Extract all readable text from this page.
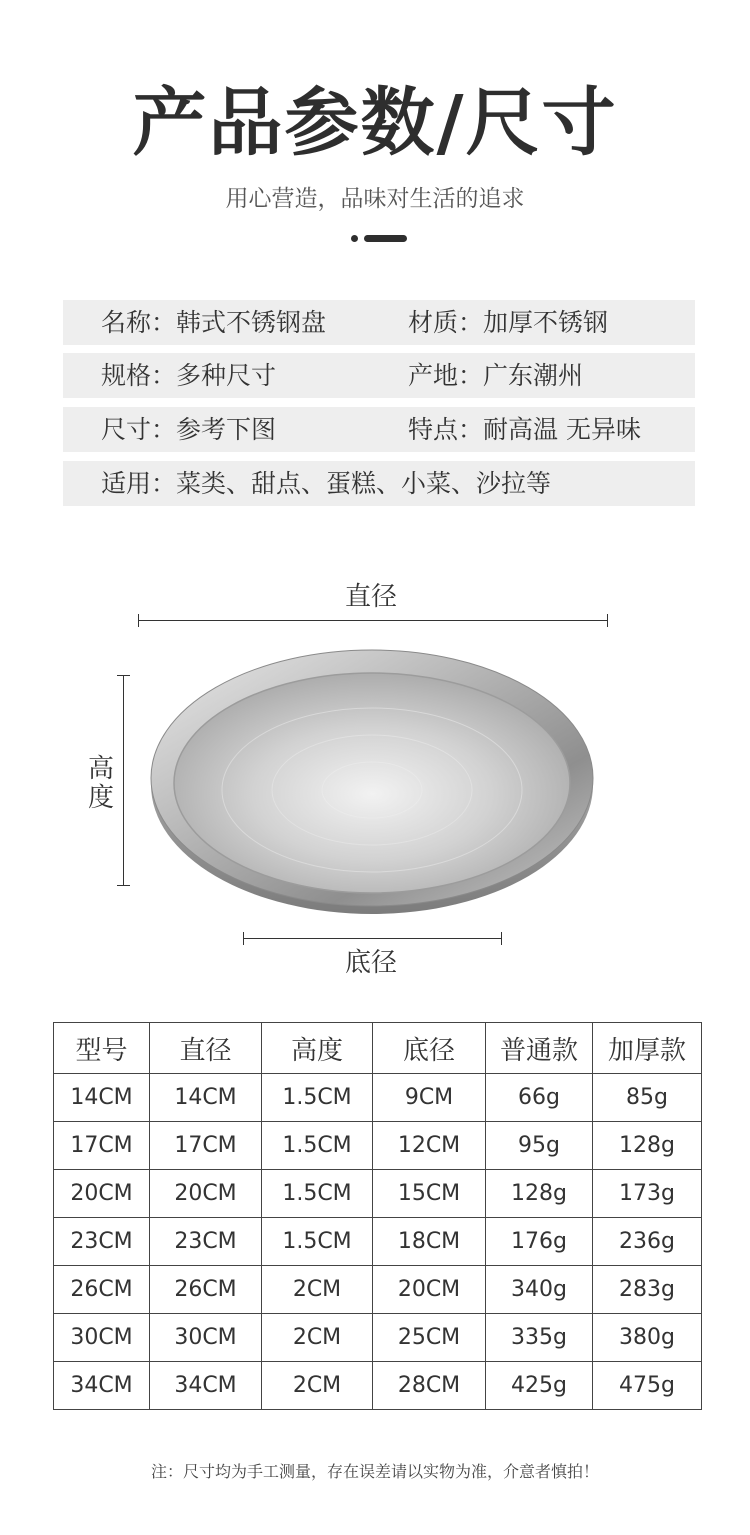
产品参数/尺寸
用心营造，品味对生活的追求
名称：韩式不锈钢盘	材质：加厚不锈钢
规格：多种尺寸	产地：广东潮州
尺寸：参考下图	特点：耐高温 无异味
适用：菜类、甜点、蛋糕、小菜、沙拉等
直径
高度
底径
型号	直径	高度	底径	普通款	加厚款
14CM	14CM	1.5CM	9CM	66g	85g
17CM	17CM	1.5CM	12CM	95g	128g
20CM	20CM	1.5CM	15CM	128g	173g
23CM	23CM	1.5CM	18CM	176g	236g
26CM	26CM	2CM	20CM	340g	283g
30CM	30CM	2CM	25CM	335g	380g
34CM	34CM	2CM	28CM	425g	475g
注：尺寸均为手工测量，存在误差请以实物为准，介意者慎拍！
